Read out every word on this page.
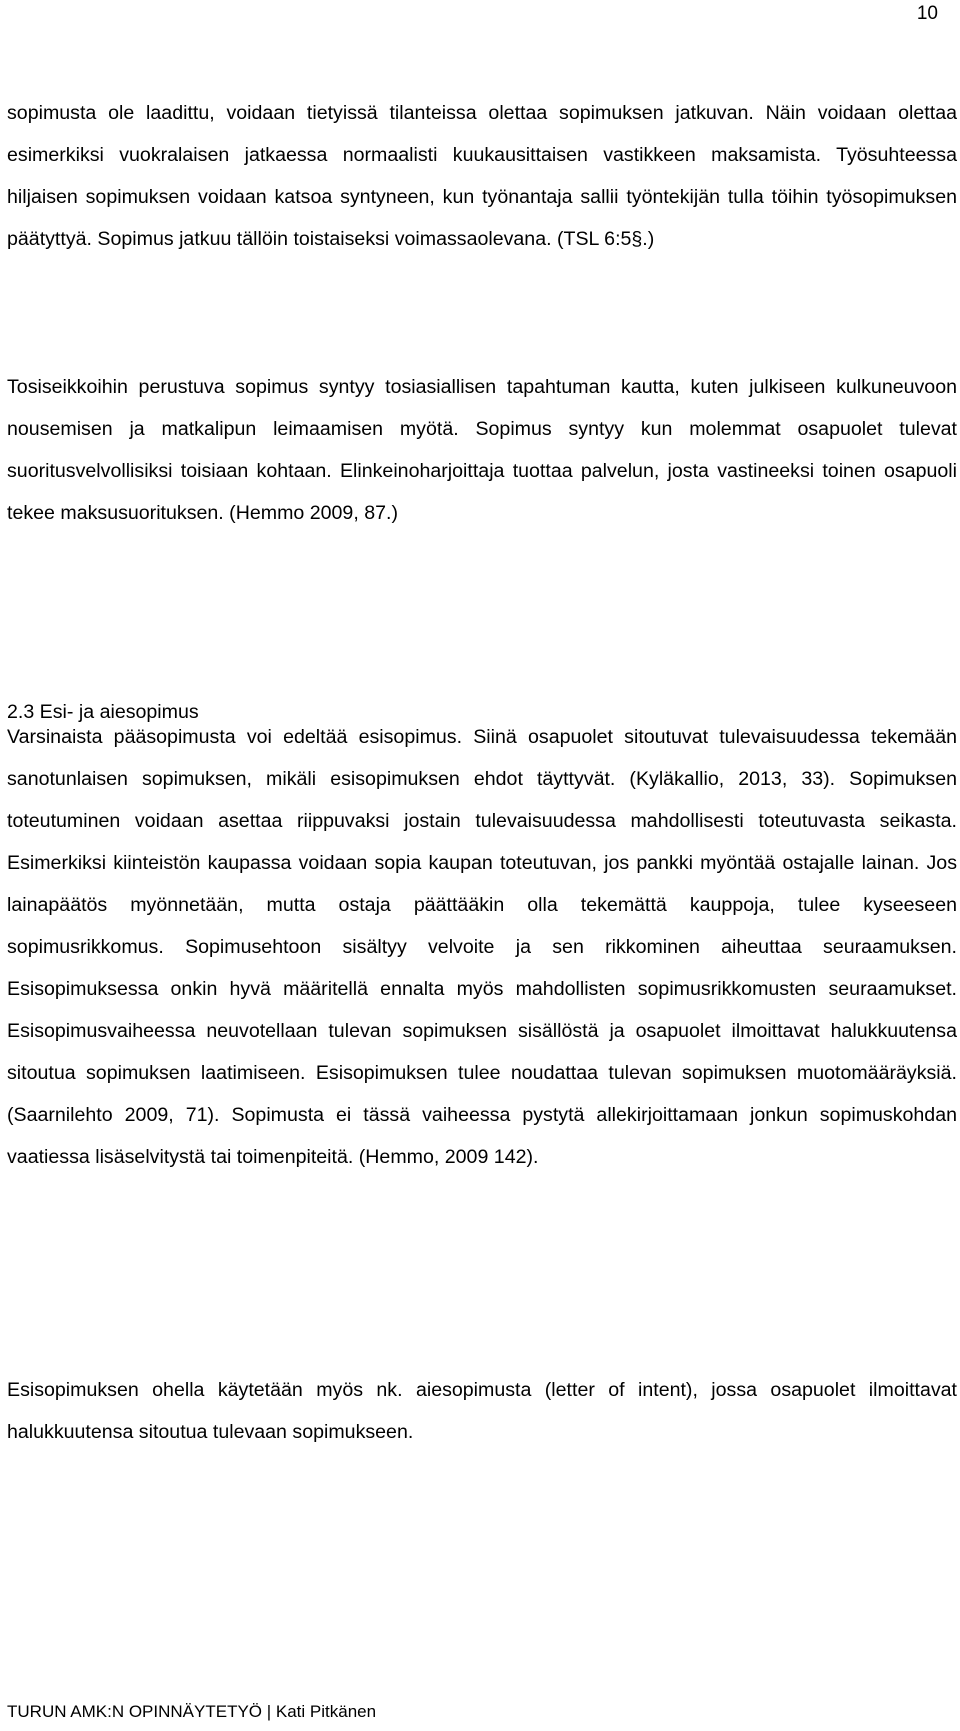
10

sopimusta ole laadittu, voidaan tietyissä tilanteissa olettaa sopimuksen jatkuvan. Näin voidaan olettaa esimerkiksi vuokralaisen jatkaessa normaalisti kuukausittaisen vastikkeen maksamista. Työsuhteessa hiljaisen sopimuksen voidaan katsoa syntyneen, kun työnantaja sallii työntekijän tulla töihin työsopimuksen päätyttyä. Sopimus jatkuu tällöin toistaiseksi voimassaolevana. (TSL 6:5§.)

Tosiseikkoihin perustuva sopimus syntyy tosiasiallisen tapahtuman kautta, kuten julkiseen kulkuneuvoon nousemisen ja matkalipun leimaamisen myötä. Sopimus syntyy kun molemmat osapuolet tulevat suoritusvelvollisiksi toisiaan kohtaan. Elinkeinoharjoittaja tuottaa palvelun, josta vastineeksi toinen osapuoli tekee maksusuorituksen. (Hemmo 2009, 87.)

2.3 Esi- ja aiesopimus

Varsinaista pääsopimusta voi edeltää esisopimus. Siinä osapuolet sitoutuvat tulevaisuudessa tekemään sanotunlaisen sopimuksen, mikäli esisopimuksen ehdot täyttyvät. (Kyläkallio, 2013, 33). Sopimuksen toteutuminen voidaan asettaa riippuvaksi jostain tulevaisuudessa mahdollisesti toteutuvasta seikasta. Esimerkiksi kiinteistön kaupassa voidaan sopia kaupan toteutuvan, jos pankki myöntää ostajalle lainan. Jos lainapäätös myönnetään, mutta ostaja päättääkin olla tekemättä kauppoja, tulee kyseeseen sopimusrikkomus. Sopimusehtoon sisältyy velvoite ja sen rikkominen aiheuttaa seuraamuksen. Esisopimuksessa onkin hyvä määritellä ennalta myös mahdollisten sopimusrikkomusten seuraamukset. Esisopimusvaiheessa neuvotellaan tulevan sopimuksen sisällöstä ja osapuolet ilmoittavat halukkuutensa sitoutua sopimuksen laatimiseen. Esisopimuksen tulee noudattaa tulevan sopimuksen muotomääräyksiä. (Saarnilehto 2009, 71). Sopimusta ei tässä vaiheessa pystytä allekirjoittamaan jonkun sopimuskohdan vaatiessa lisäselvitystä tai toimenpiteitä. (Hemmo, 2009 142).

Esisopimuksen ohella käytetään myös nk. aiesopimusta (letter of intent), jossa osapuolet ilmoittavat halukkuutensa sitoutua tulevaan sopimukseen.

TURUN AMK:N OPINNÄYTETYÖ | Kati Pitkänen
